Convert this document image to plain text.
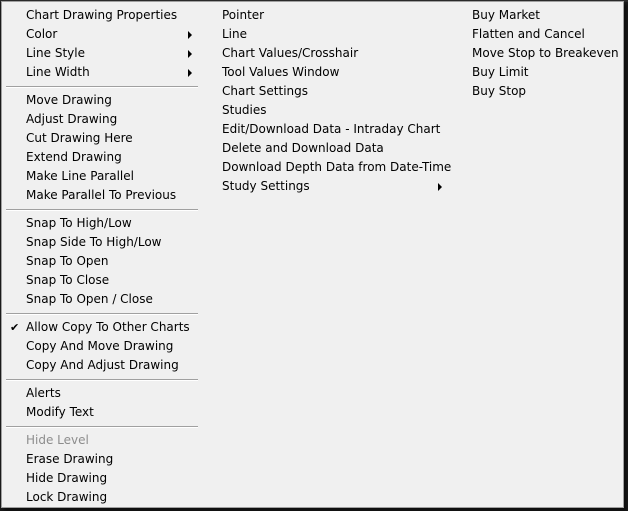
Chart Drawing Properties
Color
Line Style
Line Width
Move Drawing
Adjust Drawing
Cut Drawing Here
Extend Drawing
Make Line Parallel
Make Parallel To Previous
Snap To High/Low
Snap Side To High/Low
Snap To Open
Snap To Close
Snap To Open / Close
✔ Allow Copy To Other Charts
Copy And Move Drawing
Copy And Adjust Drawing
Alerts
Modify Text
Hide Level
Erase Drawing
Hide Drawing
Lock Drawing
Pointer
Line
Chart Values/Crosshair
Tool Values Window
Chart Settings
Studies
Edit/Download Data - Intraday Chart
Delete and Download Data
Download Depth Data from Date-Time
Study Settings
Buy Market
Flatten and Cancel
Move Stop to Breakeven
Buy Limit
Buy Stop
